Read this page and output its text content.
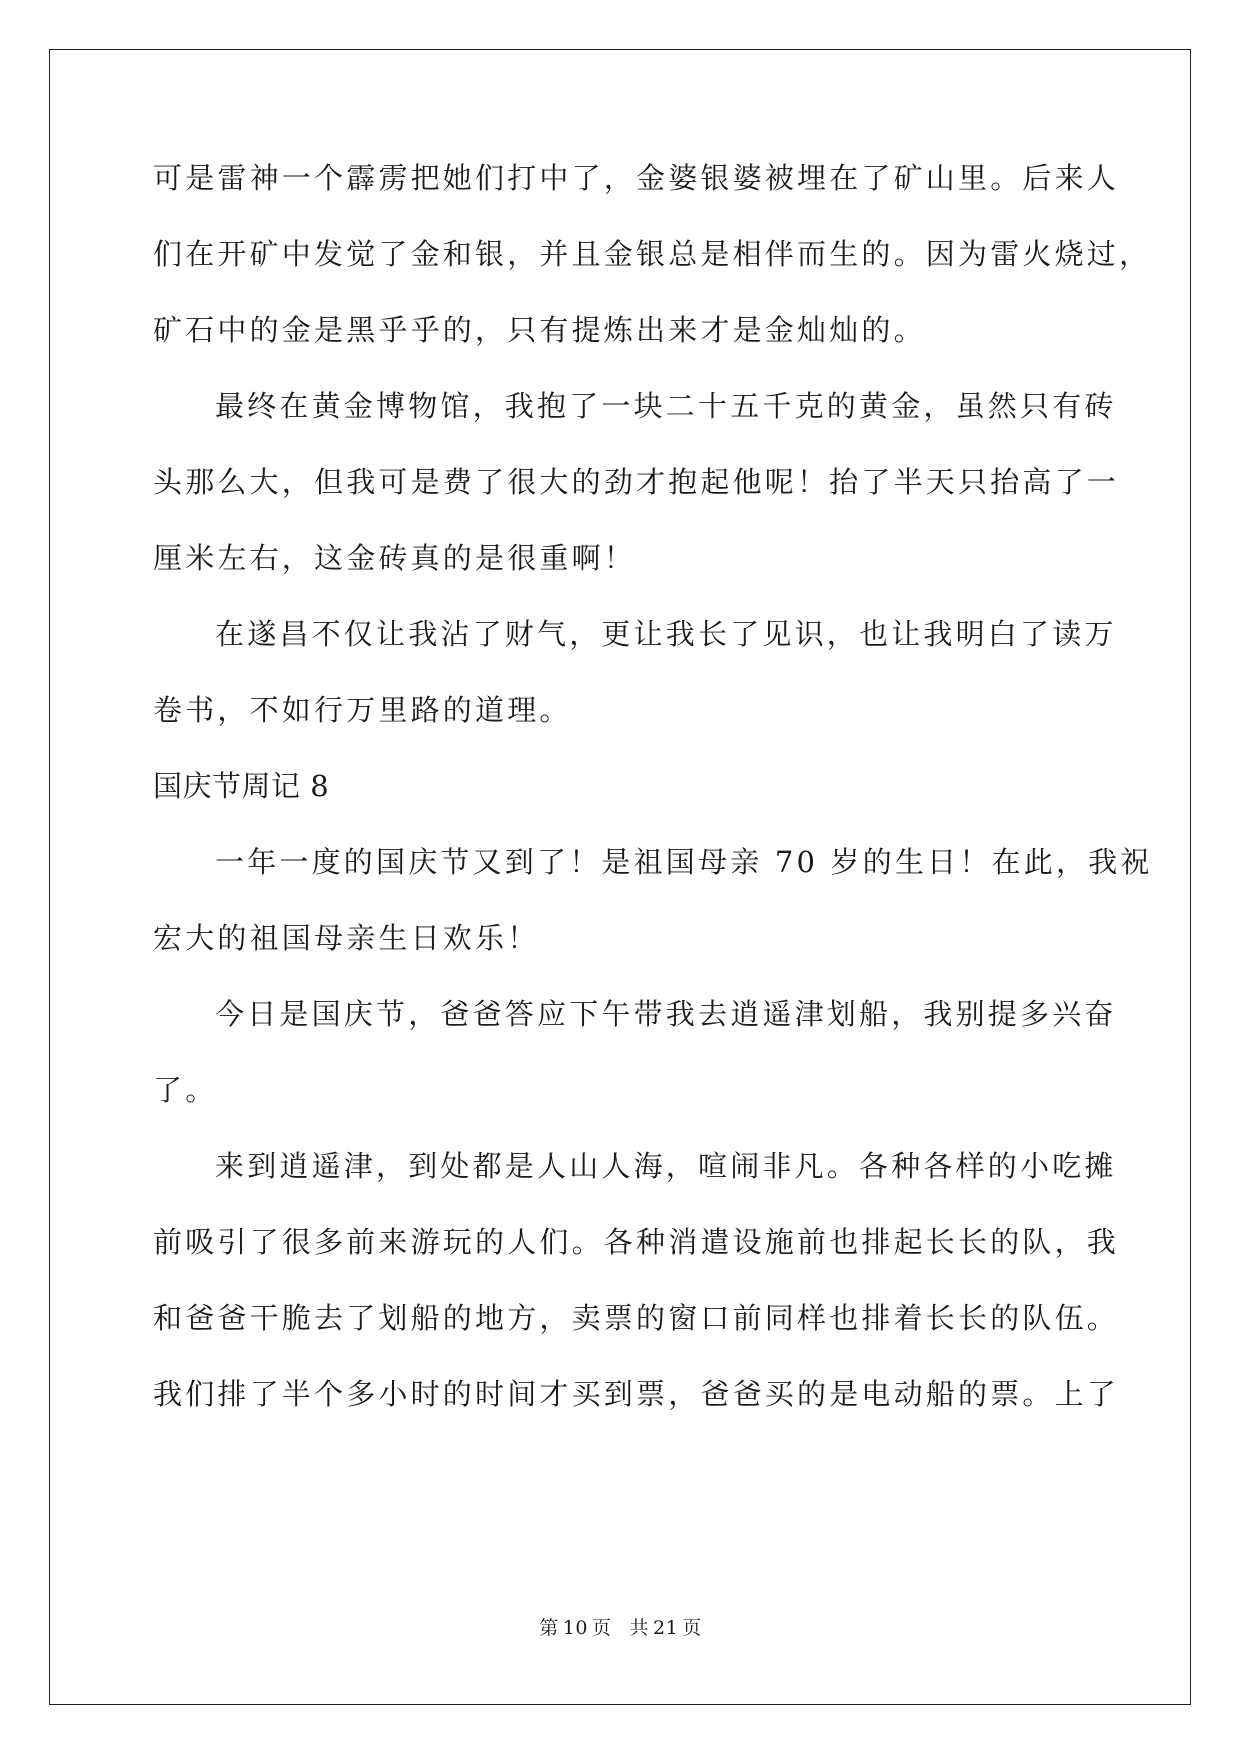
可是雷神一个霹雳把她们打中了，金婆银婆被埋在了矿山里。后来人
们在开矿中发觉了金和银，并且金银总是相伴而生的。因为雷火烧过，
矿石中的金是黑乎乎的，只有提炼出来才是金灿灿的。
最终在黄金博物馆，我抱了一块二十五千克的黄金，虽然只有砖
头那么大，但我可是费了很大的劲才抱起他呢！抬了半天只抬高了一
厘米左右，这金砖真的是很重啊！
在遂昌不仅让我沾了财气，更让我长了见识，也让我明白了读万
卷书，不如行万里路的道理。
国庆节周记 8
一年一度的国庆节又到了！是祖国母亲 70 岁的生日！在此，我祝
宏大的祖国母亲生日欢乐！
今日是国庆节，爸爸答应下午带我去逍遥津划船，我别提多兴奋
了。
来到逍遥津，到处都是人山人海，喧闹非凡。各种各样的小吃摊
前吸引了很多前来游玩的人们。各种消遣设施前也排起长长的队，我
和爸爸干脆去了划船的地方，卖票的窗口前同样也排着长长的队伍。
我们排了半个多小时的时间才买到票，爸爸买的是电动船的票。上了
第 10 页 共 21 页
